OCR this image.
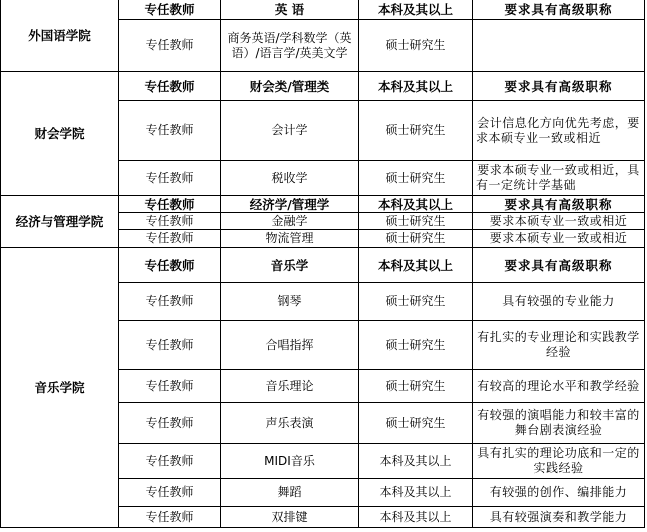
外国语学院	专任教师	英 语	本科及其以上	要求具有高级职称
	专任教师	商务英语/学科数学（英语）/语言学/英美文学	硕士研究生	
财会学院	专任教师	财会类/管理类	本科及其以上	要求具有高级职称
	专任教师	会计学	硕士研究生	会计信息化方向优先考虑，要求本硕专业一致或相近
	专任教师	税收学	硕士研究生	要求本硕专业一致或相近，具有一定统计学基础
经济与管理学院	专任教师	经济学/管理学	本科及其以上	要求具有高级职称
	专任教师	金融学	硕士研究生	要求本硕专业一致或相近
	专任教师	物流管理	硕士研究生	要求本硕专业一致或相近
音乐学院	专任教师	音乐学	本科及其以上	要求具有高级职称
	专任教师	钢琴	硕士研究生	具有较强的专业能力
	专任教师	合唱指挥	硕士研究生	有扎实的专业理论和实践教学经验
	专任教师	音乐理论	硕士研究生	有较高的理论水平和教学经验
	专任教师	声乐表演	硕士研究生	有较强的演唱能力和较丰富的舞台剧表演经验
	专任教师	MIDI音乐	本科及其以上	具有扎实的理论功底和一定的实践经验
	专任教师	舞蹈	本科及其以上	有较强的创作、编排能力
	专任教师	双排键	本科及其以上	具有较强演奏和教学能力
